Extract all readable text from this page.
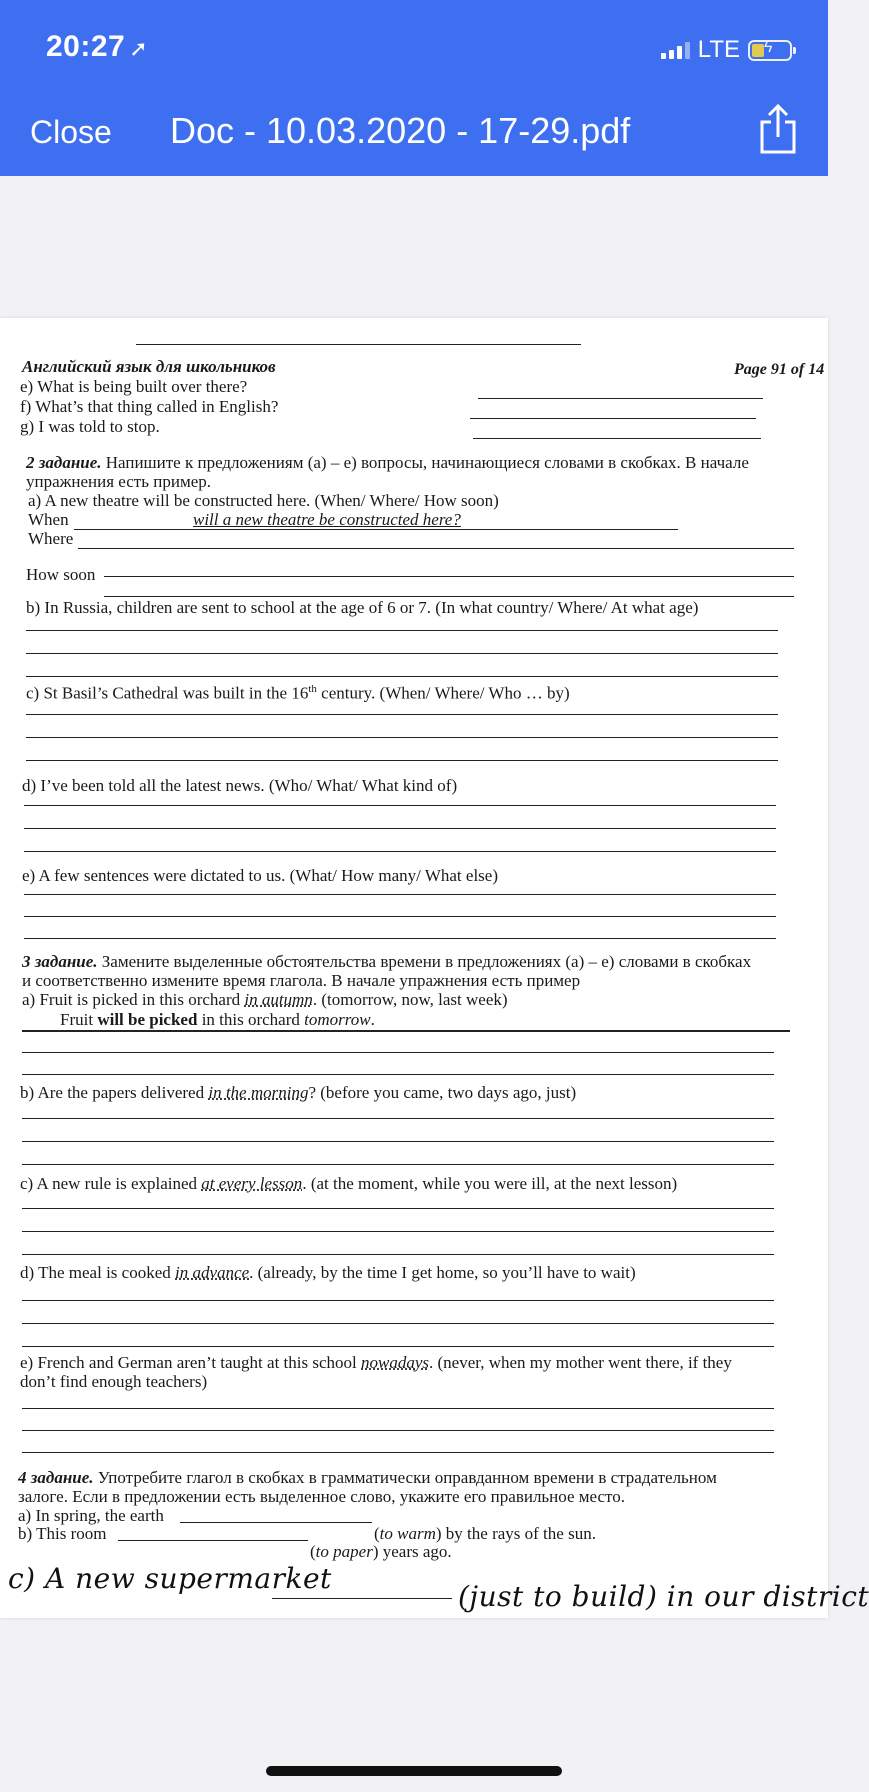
20:27 ➚	LTE ϟ
Close Doc - 10.03.2020 - 17-29.pdf
Английский язык для школьников	Page 91 of 14
e) What is being built over there?
f) What’s that thing called in English?
g) I was told to stop.
2 задание. Напишите к предложениям (a) – e) вопросы, начинающиеся словами в скобках. В начале
упражнения есть пример.
a) A new theatre will be constructed here. (When/ Where/ How soon)
When	will a new theatre be constructed here?
Where
How soon
b) In Russia, children are sent to school at the age of 6 or 7. (In what country/ Where/ At what age)
c) St Basil’s Cathedral was built in the 16th century. (When/ Where/ Who … by)
d) I’ve been told all the latest news. (Who/ What/ What kind of)
e) A few sentences were dictated to us. (What/ How many/ What else)
3 задание. Замените выделенные обстоятельства времени в предложениях (a) – e) словами в скобках
и соответственно измените время глагола. В начале упражнения есть пример
a) Fruit is picked in this orchard in autumn. (tomorrow, now, last week)
Fruit will be picked in this orchard tomorrow.
b) Are the papers delivered in the morning? (before you came, two days ago, just)
c) A new rule is explained at every lesson. (at the moment, while you were ill, at the next lesson)
d) The meal is cooked in advance. (already, by the time I get home, so you’ll have to wait)
e) French and German aren’t taught at this school nowadays. (never, when my mother went there, if they
don’t find enough teachers)
4 задание. Употребите глагол в скобках в грамматически оправданном времени в страдательном
залоге. Если в предложении есть выделенное слово, укажите его правильное место.
a) In spring, the earth
(to warm) by the rays of the sun.
b) This room
(to paper) years ago.
c) A new supermarket
(just to build) in our district
